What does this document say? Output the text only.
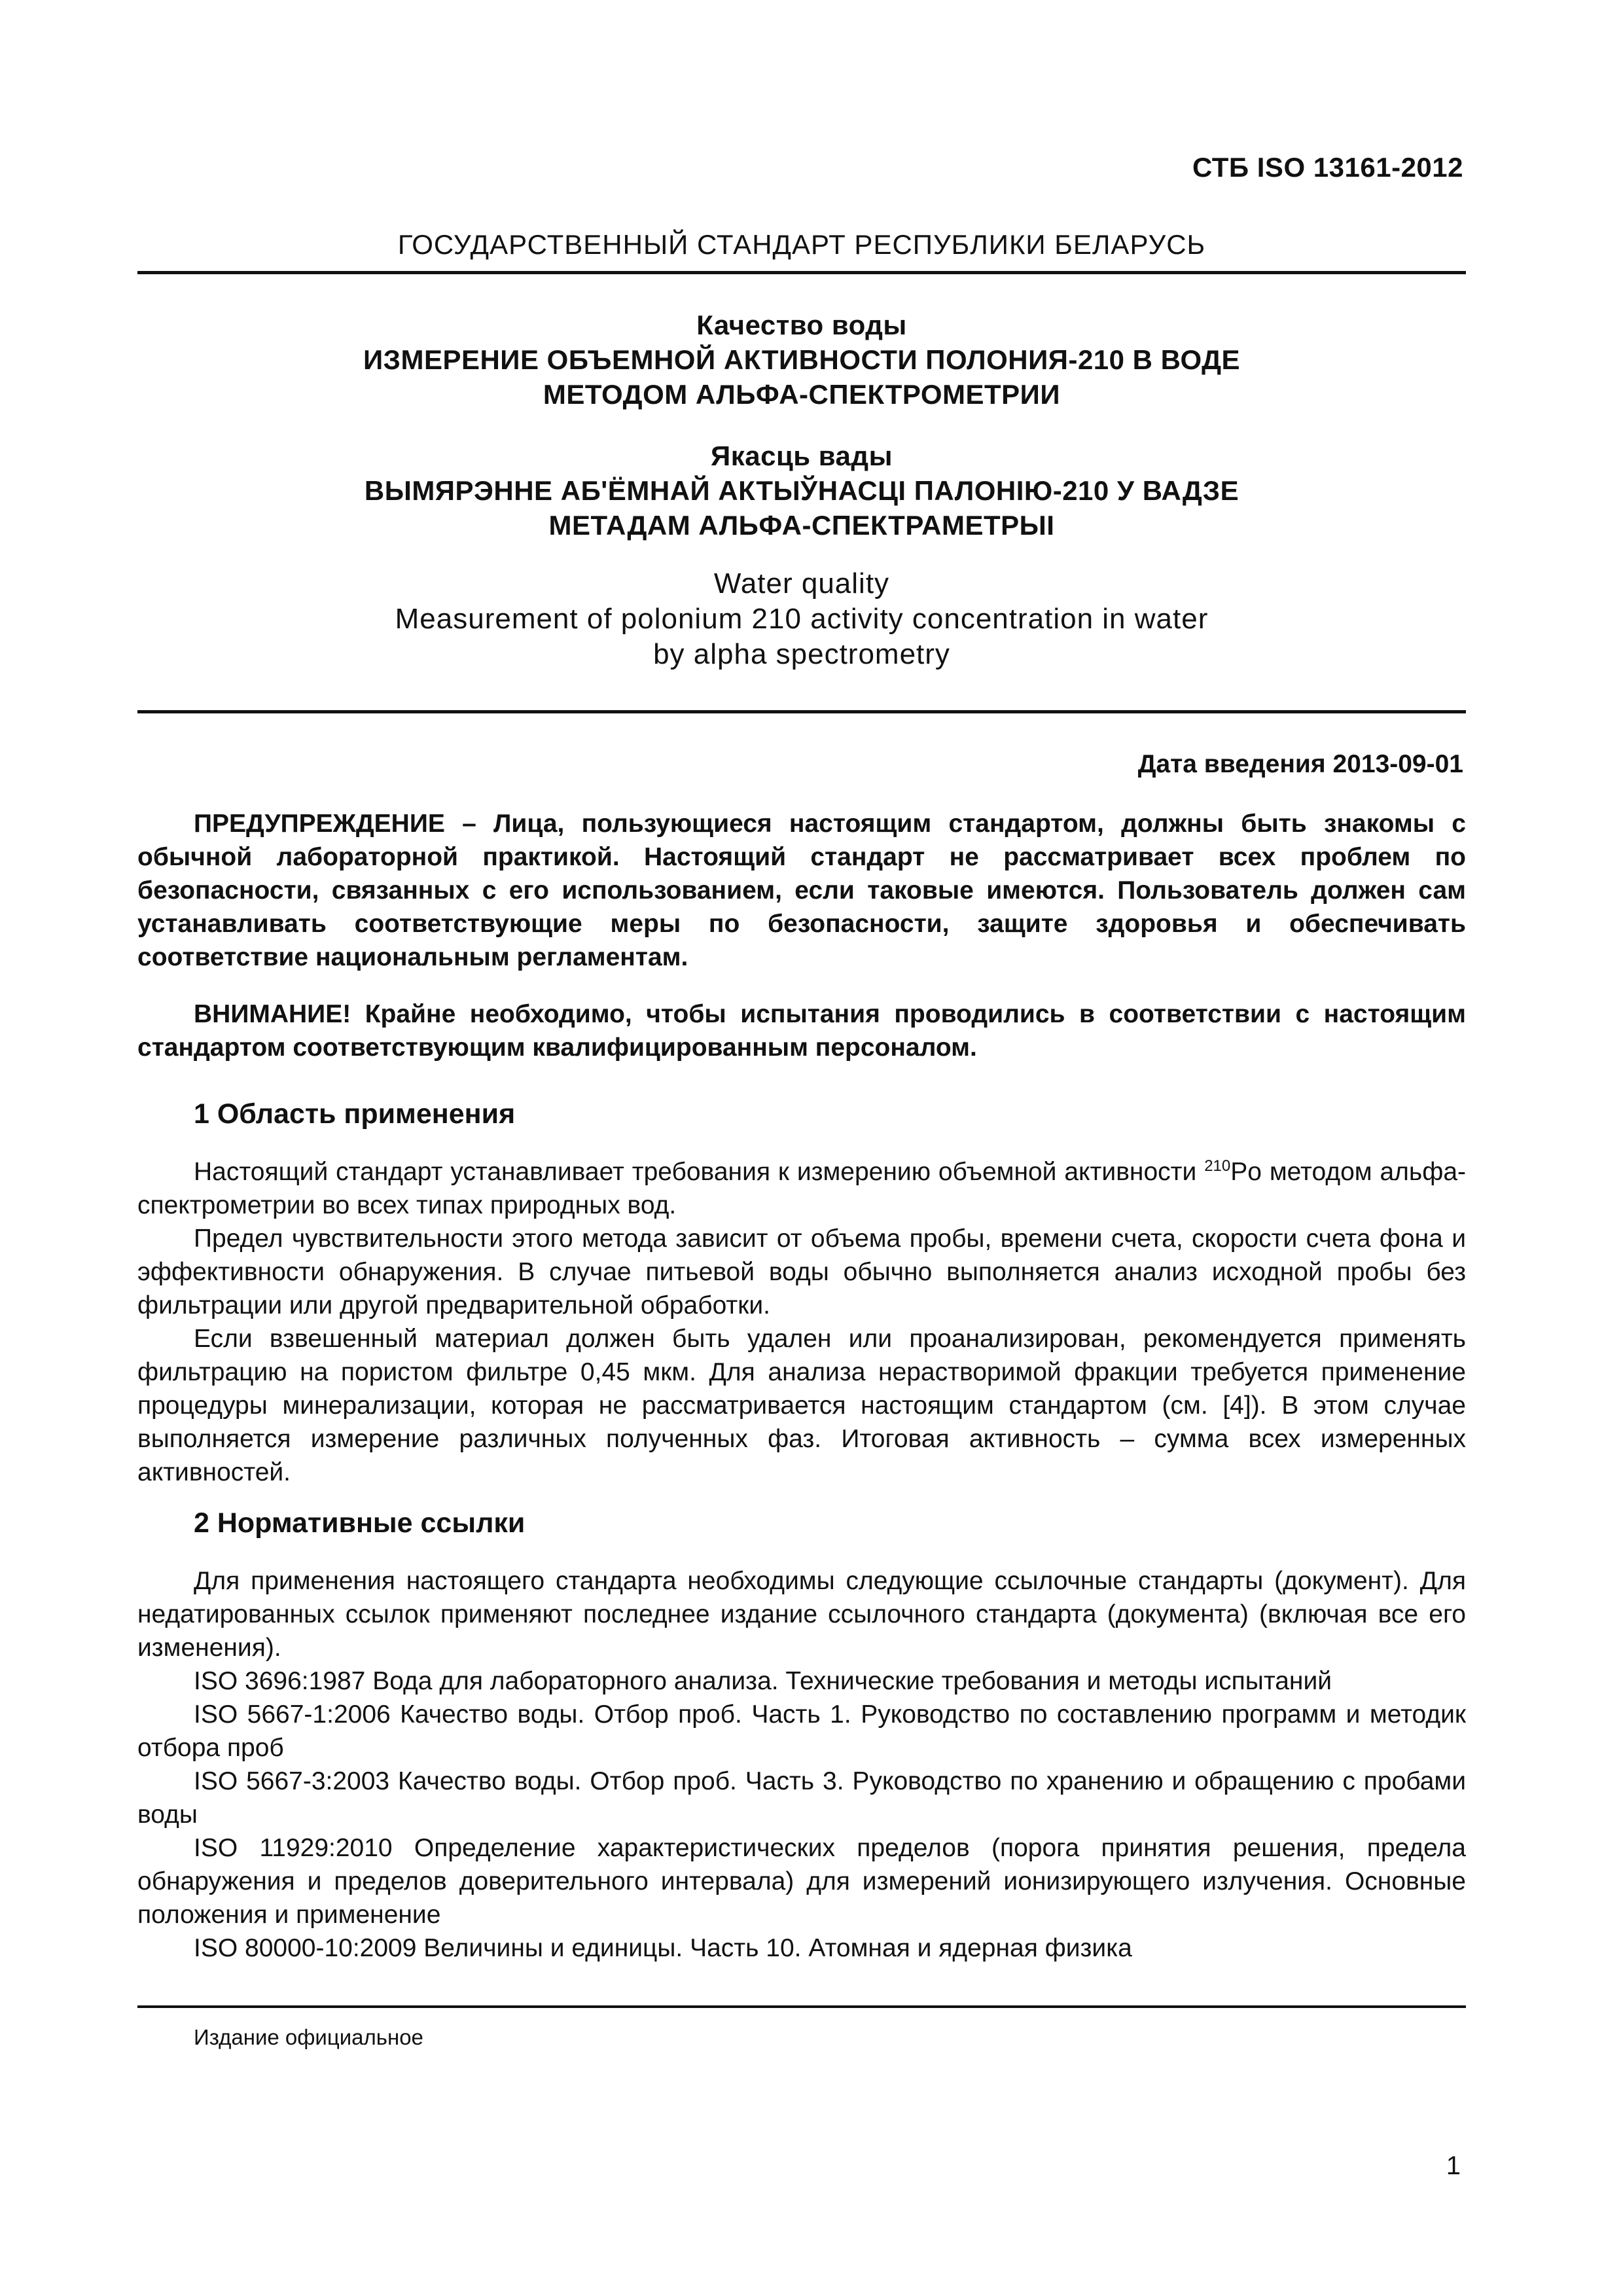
СТБ ISO 13161-2012
ГОСУДАРСТВЕННЫЙ СТАНДАРТ РЕСПУБЛИКИ БЕЛАРУСЬ
Качество воды
ИЗМЕРЕНИЕ ОБЪЕМНОЙ АКТИВНОСТИ ПОЛОНИЯ-210 В ВОДЕ
МЕТОДОМ АЛЬФА-СПЕКТРОМЕТРИИ
Якасць вады
ВЫМЯРЭННЕ АБ'ЁМНАЙ АКТЫЎНАСЦІ ПАЛОНІЮ-210 У ВАДЗЕ
МЕТАДАМ АЛЬФА-СПЕКТРАМЕТРЫІ
Water quality
Measurement of polonium 210 activity concentration in water
by alpha spectrometry
Дата введения 2013-09-01

ПРЕДУПРЕЖДЕНИЕ – Лица, пользующиеся настоящим стандартом, должны быть знакомы с обычной лабораторной практикой. Настоящий стандарт не рассматривает всех проблем по безопасности, связанных с его использованием, если таковые имеются. Пользователь должен сам устанавливать соответствующие меры по безопасности, защите здоровья и обеспечивать соответствие национальным регламентам.

ВНИМАНИЕ! Крайне необходимо, чтобы испытания проводились в соответствии с настоящим стандартом соответствующим квалифицированным персоналом.

1 Область применения

Настоящий стандарт устанавливает требования к измерению объемной активности $^{210}$Po методом альфа-спектрометрии во всех типах природных вод.

Предел чувствительности этого метода зависит от объема пробы, времени счета, скорости счета фона и эффективности обнаружения. В случае питьевой воды обычно выполняется анализ исходной пробы без фильтрации или другой предварительной обработки.

Если взвешенный материал должен быть удален или проанализирован, рекомендуется применять фильтрацию на пористом фильтре 0,45 мкм. Для анализа нерастворимой фракции требуется применение процедуры минерализации, которая не рассматривается настоящим стандартом (см. [4]). В этом случае выполняется измерение различных полученных фаз. Итоговая активность – сумма всех измеренных активностей.

2 Нормативные ссылки

Для применения настоящего стандарта необходимы следующие ссылочные стандарты (документ). Для недатированных ссылок применяют последнее издание ссылочного стандарта (документа) (включая все его изменения).

ISO 3696:1987 Вода для лабораторного анализа. Технические требования и методы испытаний

ISO 5667-1:2006 Качество воды. Отбор проб. Часть 1. Руководство по составлению программ и методик отбора проб

ISO 5667-3:2003 Качество воды. Отбор проб. Часть 3. Руководство по хранению и обращению с пробами воды

ISO 11929:2010 Определение характеристических пределов (порога принятия решения, предела обнаружения и пределов доверительного интервала) для измерений ионизирующего излучения. Основные положения и применение

ISO 80000-10:2009 Величины и единицы. Часть 10. Атомная и ядерная физика

Издание официальное
1
